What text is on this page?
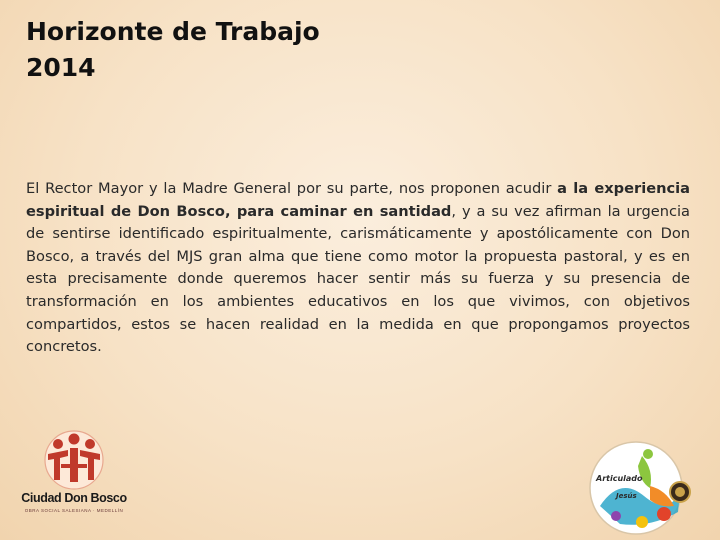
Horizonte de Trabajo
2014

El Rector Mayor y la Madre General por su parte, nos proponen acudir a la experiencia espiritual de Don Bosco, para caminar en santidad, y a su vez afirman la urgencia de sentirse identificado espiritualmente, carismáticamente y apostólicamente con Don Bosco, a través del MJS gran alma que tiene como motor la propuesta pastoral, y es en esta precisamente donde queremos hacer sentir más su fuerza y su presencia de transformación en los ambientes educativos en los que vivimos, con objetivos compartidos, estos se hacen realidad en la medida en que propongamos proyectos concretos.

Ciudad Don Bosco
OBRA SOCIAL SALESIANA · MEDELLÍN
Articulado
Jesús
